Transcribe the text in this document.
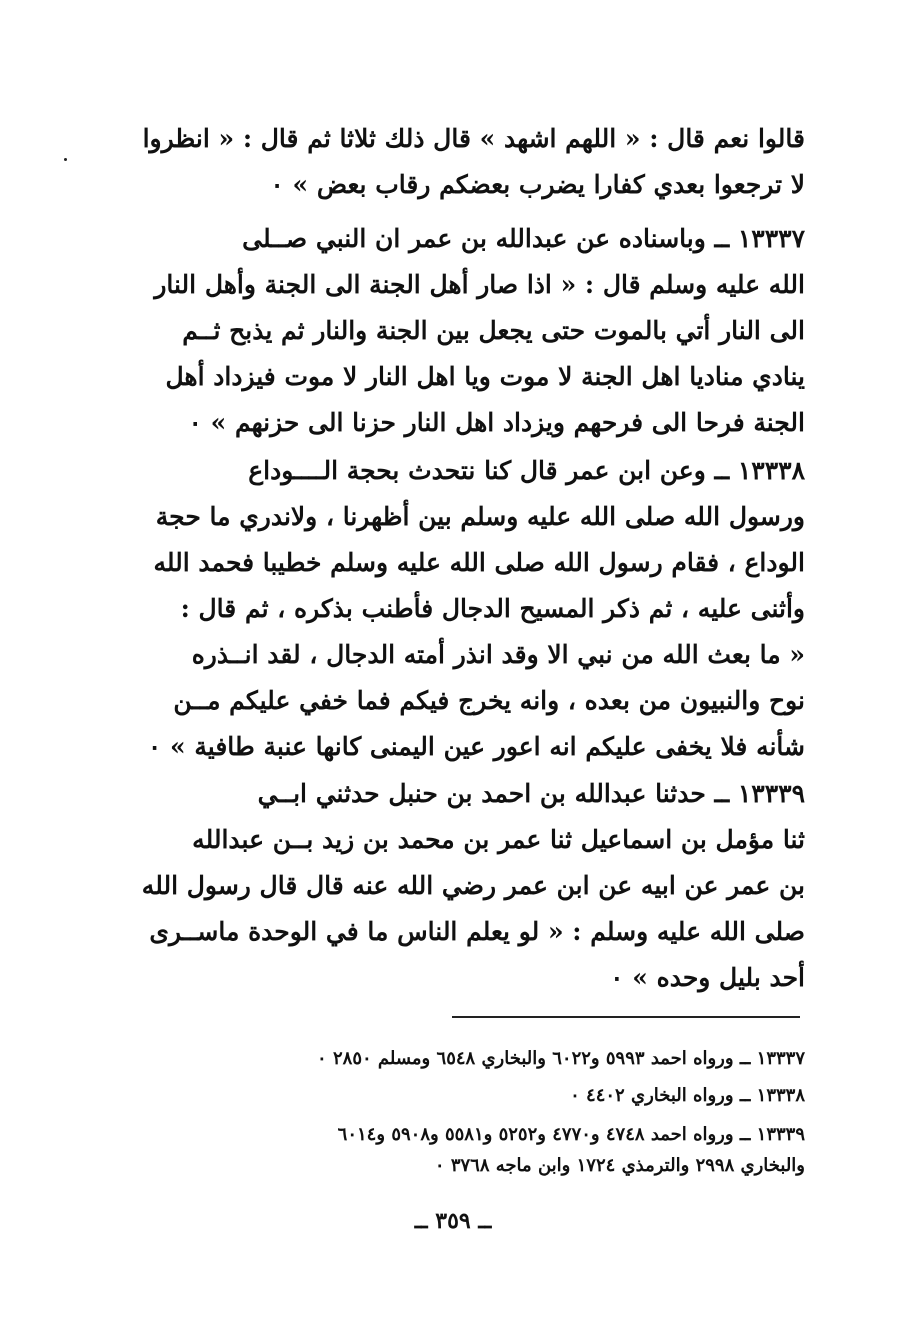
قالوا نعم قال : « اللهم اشهد » قال ذلك ثلاثا ثم قال : « انظروا
لا ترجعوا بعدي كفارا يضرب بعضكم رقاب بعض » ٠
١٣٣٣٧ ــ وباسناده عن عبدالله بن عمر ان النبي صــلى
الله عليه وسلم قال : « اذا صار أهل الجنة الى الجنة وأهل النار
الى النار أتي بالموت حتى يجعل بين الجنة والنار ثم يذبح ثــم
ينادي مناديا اهل الجنة لا موت ويا اهل النار لا موت فيزداد أهل
الجنة فرحا الى فرحهم ويزداد اهل النار حزنا الى حزنهم » ٠
١٣٣٣٨ ــ وعن ابن عمر قال كنا نتحدث بحجة الــــوداع
ورسول الله صلى الله عليه وسلم بين أظهرنا ، ولاندري ما حجة
الوداع ، فقام رسول الله صلى الله عليه وسلم خطيبا فحمد الله
وأثنى عليه ، ثم ذكر المسيح الدجال فأطنب بذكره ، ثم قال :
« ما بعث الله من نبي الا وقد انذر أمته الدجال ، لقد انــذره
نوح والنبيون من بعده ، وانه يخرج فيكم فما خفي عليكم مــن
شأنه فلا يخفى عليكم انه اعور عين اليمنى كانها عنبة طافية » ٠
١٣٣٣٩ ــ حدثنا عبدالله بن احمد بن حنبل حدثني ابــي
ثنا مؤمل بن اسماعيل ثنا عمر بن محمد بن زيد بــن عبدالله
بن عمر عن ابيه عن ابن عمر رضي الله عنه قال قال رسول الله
صلى الله عليه وسلم : « لو يعلم الناس ما في الوحدة ماســرى
أحد بليل وحده » ٠
١٣٣٣٧ ــ ورواه احمد ٥٩٩٣ و٦٠٢٢ والبخاري ٦٥٤٨ ومسلم ٢٨٥٠ ٠
١٣٣٣٨ ــ ورواه البخاري ٤٤٠٢ ٠
١٣٣٣٩ ــ ورواه احمد ٤٧٤٨ و٤٧٧٠ و٥٢٥٢ و٥٥٨١ و٥٩٠٨ و٦٠١٤
والبخاري ٢٩٩٨ والترمذي ١٧٢٤ وابن ماجه ٣٧٦٨ ٠
ــ ٣٥٩ ــ
